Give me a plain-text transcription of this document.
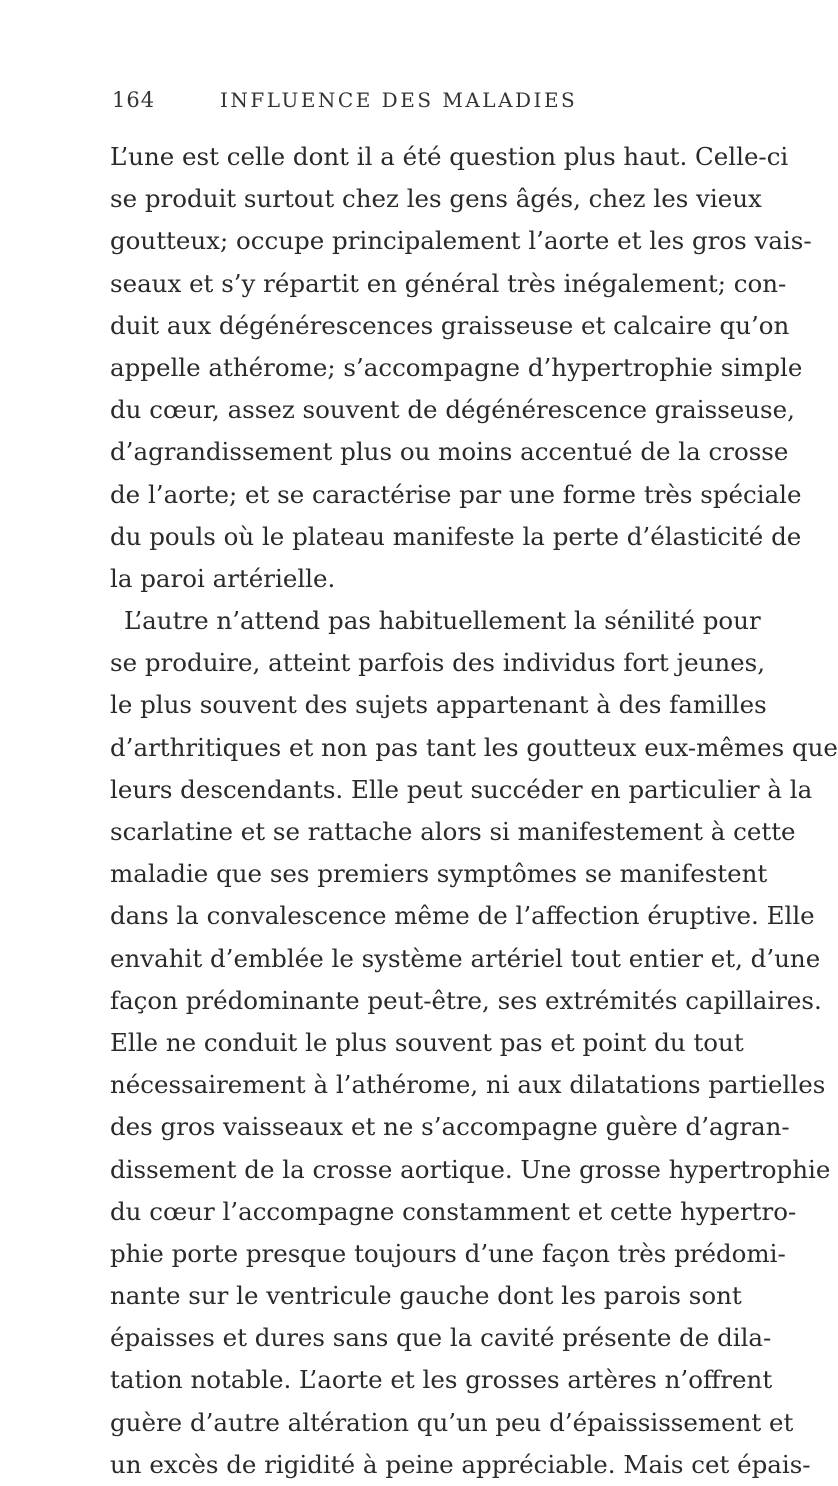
164	INFLUENCE DES MALADIES
L’une est celle dont il a été question plus haut. Celle-ci
se produit surtout chez les gens âgés, chez les vieux
goutteux; occupe principalement l’aorte et les gros vais-
seaux et s’y répartit en général très inégalement; con-
duit aux dégénérescences graisseuse et calcaire qu’on
appelle athérome; s’accompagne d’hypertrophie simple
du cœur, assez souvent de dégénérescence graisseuse,
d’agrandissement plus ou moins accentué de la crosse
de l’aorte; et se caractérise par une forme très spéciale
du pouls où le plateau manifeste la perte d’élasticité de
la paroi artérielle.
L’autre n’attend pas habituellement la sénilité pour
se produire, atteint parfois des individus fort jeunes,
le plus souvent des sujets appartenant à des familles
d’arthritiques et non pas tant les goutteux eux-mêmes que
leurs descendants. Elle peut succéder en particulier à la
scarlatine et se rattache alors si manifestement à cette
maladie que ses premiers symptômes se manifestent
dans la convalescence même de l’affection éruptive. Elle
envahit d’emblée le système artériel tout entier et, d’une
façon prédominante peut-être, ses extrémités capillaires.
Elle ne conduit le plus souvent pas et point du tout
nécessairement à l’athérome, ni aux dilatations partielles
des gros vaisseaux et ne s’accompagne guère d’agran-
dissement de la crosse aortique. Une grosse hypertrophie
du cœur l’accompagne constamment et cette hypertro-
phie porte presque toujours d’une façon très prédomi-
nante sur le ventricule gauche dont les parois sont
épaisses et dures sans que la cavité présente de dila-
tation notable. L’aorte et les grosses artères n’offrent
guère d’autre altération qu’un peu d’épaississement et
un excès de rigidité à peine appréciable. Mais cet épais-
